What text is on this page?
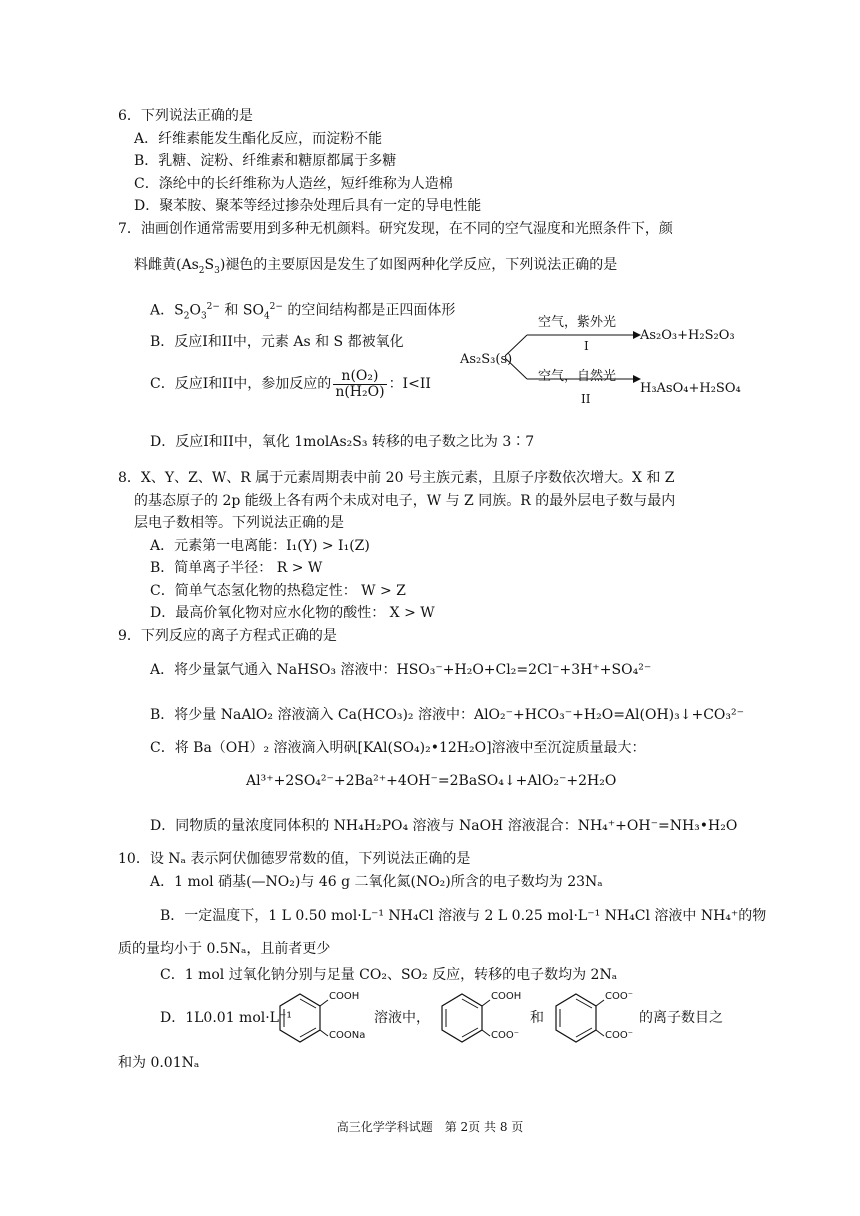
6．下列说法正确的是
A．纤维素能发生酯化反应，而淀粉不能
B．乳糖、淀粉、纤维素和糖原都属于多糖
C．涤纶中的长纤维称为人造丝，短纤维称为人造棉
D．聚苯胺、聚苯等经过掺杂处理后具有一定的导电性能
7．油画创作通常需要用到多种无机颜料。研究发现，在不同的空气湿度和光照条件下，颜
料雌黄$(As_2S_3)$褪色的主要原因是发生了如图两种化学反应，下列说法正确的是
A．$S_2O_3^{2-}$ 和 $SO_4^{2-}$ 的空间结构都是正四面体形
B．反应I和II中，元素 As 和 S 都被氧化
C．反应I和II中，参加反应的 $\frac{\text{n(O₂)}}{\text{n(H₂O)}}$ ：I<II
D．反应I和II中，氧化 1molAs₂S₃ 转移的电子数之比为 3∶7
As₂S₃(s)
空气，紫外光
I
As₂O₃+H₂S₂O₃
空气，自然光
II
H₃AsO₄+H₂SO₄
8．X、Y、Z、W、R 属于元素周期表中前 20 号主族元素，且原子序数依次增大。X 和 Z
的基态原子的 2p 能级上各有两个未成对电子，W 与 Z 同族。R 的最外层电子数与最内
层电子数相等。下列说法正确的是
A．元素第一电离能：I₁(Y) > I₁(Z)
B．简单离子半径： R > W
C．简单气态氢化物的热稳定性： W > Z
D．最高价氧化物对应水化物的酸性： X > W
9．下列反应的离子方程式正确的是
A．将少量氯气通入 NaHSO₃ 溶液中：HSO₃⁻+H₂O+Cl₂=2Cl⁻+3H⁺+SO₄²⁻
B．将少量 NaAlO₂ 溶液滴入 Ca(HCO₃)₂ 溶液中：AlO₂⁻+HCO₃⁻+H₂O=Al(OH)₃↓+CO₃²⁻
C．将 Ba（OH）₂ 溶液滴入明矾[KAl(SO₄)₂•12H₂O]溶液中至沉淀质量最大：
Al³⁺+2SO₄²⁻+2Ba²⁺+4OH⁻=2BaSO₄↓+AlO₂⁻+2H₂O
D．同物质的量浓度同体积的 NH₄H₂PO₄ 溶液与 NaOH 溶液混合：NH₄⁺+OH⁻=NH₃•H₂O
10．设 Nₐ 表示阿伏伽德罗常数的值，下列说法正确的是
A．1 mol 硝基(—NO₂)与 46 g 二氧化氮(NO₂)所含的电子数均为 23Nₐ
B．一定温度下，1 L 0.50 mol·L⁻¹ NH₄Cl 溶液与 2 L 0.25 mol·L⁻¹ NH₄Cl 溶液中 NH₄⁺的物
质的量均小于 0.5Nₐ，且前者更少
C．1 mol 过氧化钠分别与足量 CO₂、SO₂ 反应，转移的电子数均为 2Nₐ
D．1L0.01 mol·L⁻¹	溶液中，	和	的离子数目之
和为 0.01Nₐ
COOH
COONa
COOH
COO⁻
COO⁻
COO⁻
高三化学学科试题　第 2页 共 8 页
